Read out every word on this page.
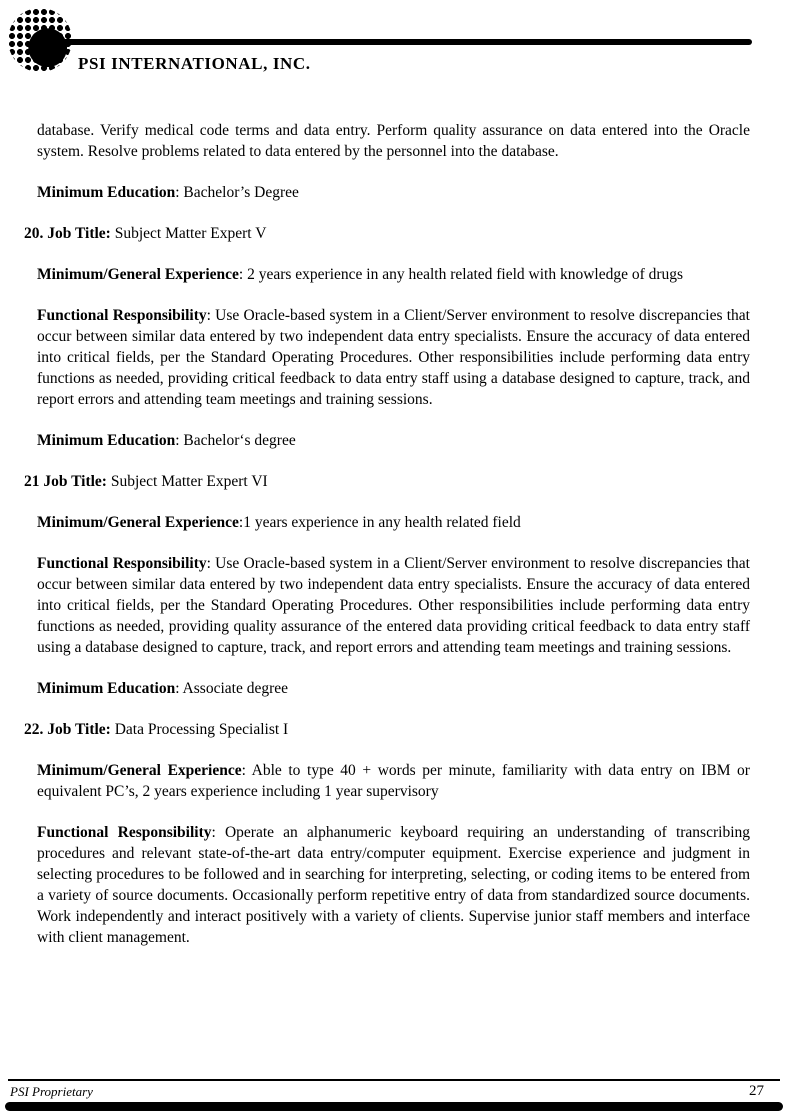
PSI INTERNATIONAL, INC.

database. Verify medical code terms and data entry. Perform quality assurance on data entered into the Oracle system. Resolve problems related to data entered by the personnel into the database.

Minimum Education: Bachelor’s Degree

20. Job Title: Subject Matter Expert V

Minimum/General Experience: 2 years experience in any health related field with knowledge of drugs

Functional Responsibility: Use Oracle-based system in a Client/Server environment to resolve discrepancies that occur between similar data entered by two independent data entry specialists. Ensure the accuracy of data entered into critical fields, per the Standard Operating Procedures. Other responsibilities include performing data entry functions as needed, providing critical feedback to data entry staff using a database designed to capture, track, and report errors and attending team meetings and training sessions.

Minimum Education: Bachelor‘s degree

21 Job Title: Subject Matter Expert VI

Minimum/General Experience:1 years experience in any health related field

Functional Responsibility: Use Oracle-based system in a Client/Server environment to resolve discrepancies that occur between similar data entered by two independent data entry specialists. Ensure the accuracy of data entered into critical fields, per the Standard Operating Procedures. Other responsibilities include performing data entry functions as needed, providing quality assurance of the entered data providing critical feedback to data entry staff using a database designed to capture, track, and report errors and attending team meetings and training sessions.

Minimum Education: Associate degree

22. Job Title: Data Processing Specialist I

Minimum/General Experience: Able to type 40 + words per minute, familiarity with data entry on IBM or equivalent PC’s, 2 years experience including 1 year supervisory

Functional Responsibility: Operate an alphanumeric keyboard requiring an understanding of transcribing procedures and relevant state-of-the-art data entry/computer equipment. Exercise experience and judgment in selecting procedures to be followed and in searching for interpreting, selecting, or coding items to be entered from a variety of source documents. Occasionally perform repetitive entry of data from standardized source documents. Work independently and interact positively with a variety of clients. Supervise junior staff members and interface with client management.

PSI Proprietary	27
